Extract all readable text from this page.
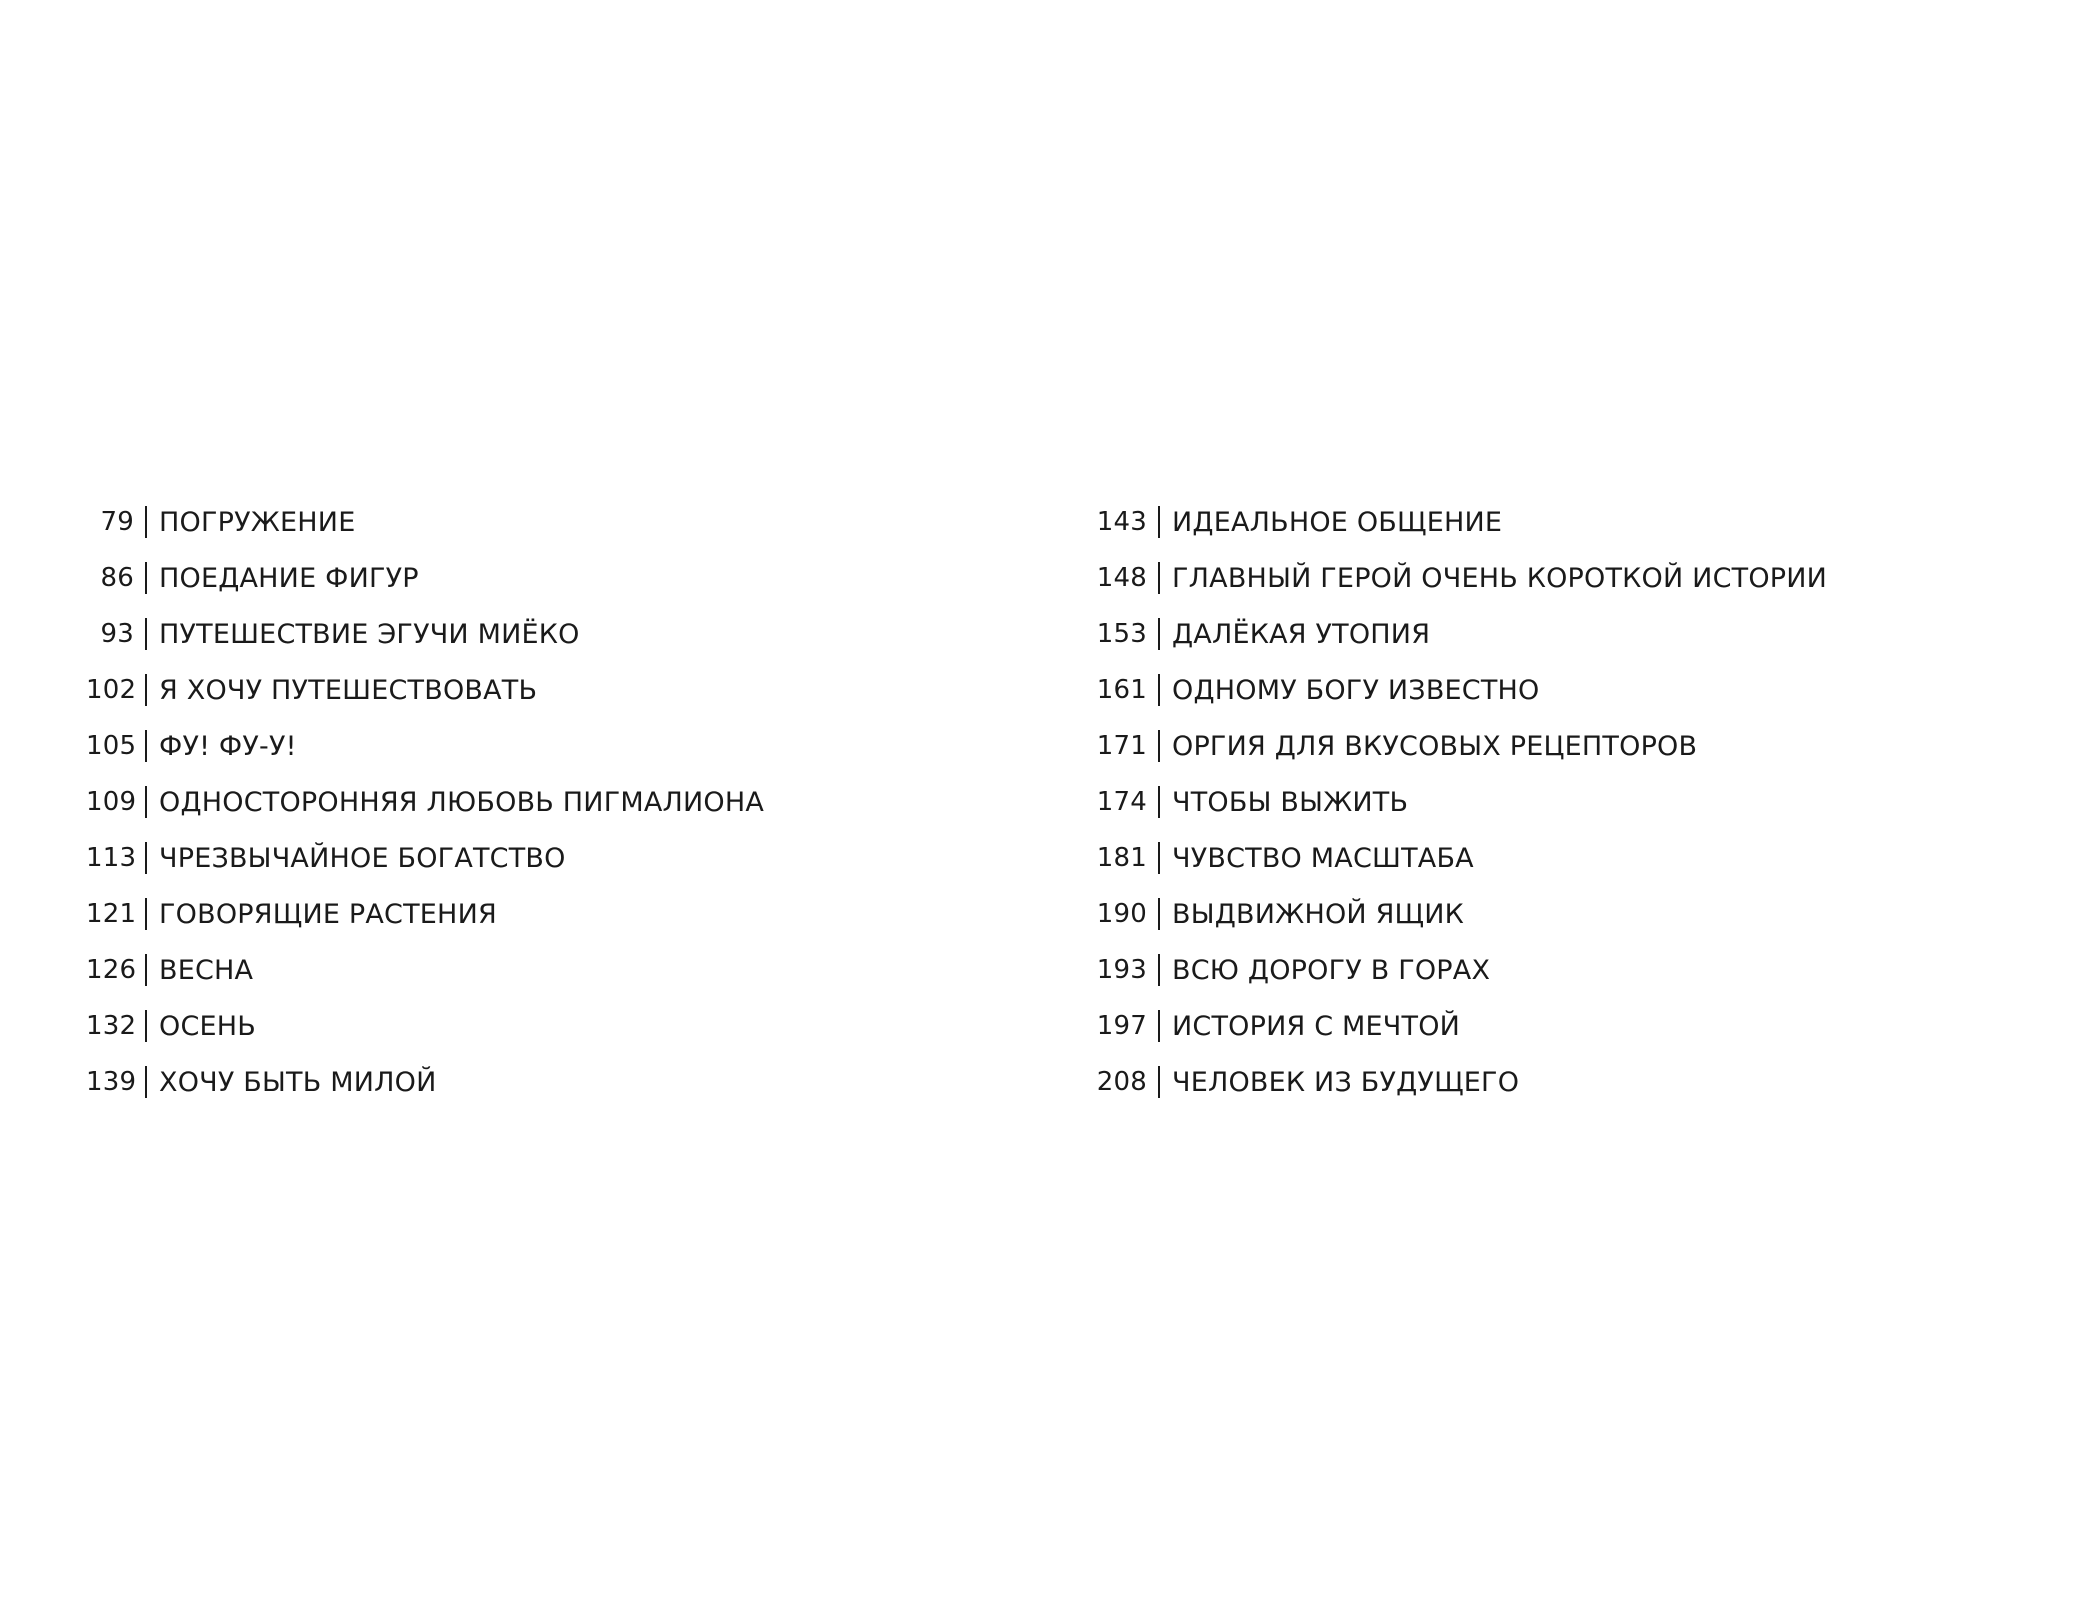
79 ПОГРУЖЕНИЕ
86 ПОЕДАНИЕ ФИГУР
93 ПУТЕШЕСТВИЕ ЭГУЧИ МИЁКО
102 Я ХОЧУ ПУТЕШЕСТВОВАТЬ
105 ФУ! ФУ-У!
109 ОДНОСТОРОННЯЯ ЛЮБОВЬ ПИГМАЛИОНА
113 ЧРЕЗВЫЧАЙНОЕ БОГАТСТВО
121 ГОВОРЯЩИЕ РАСТЕНИЯ
126 ВЕСНА
132 ОСЕНЬ
139 ХОЧУ БЫТЬ МИЛОЙ
143 ИДЕАЛЬНОЕ ОБЩЕНИЕ
148 ГЛАВНЫЙ ГЕРОЙ ОЧЕНЬ КОРОТКОЙ ИСТОРИИ
153 ДАЛЁКАЯ УТОПИЯ
161 ОДНОМУ БОГУ ИЗВЕСТНО
171 ОРГИЯ ДЛЯ ВКУСОВЫХ РЕЦЕПТОРОВ
174 ЧТОБЫ ВЫЖИТЬ
181 ЧУВСТВО МАСШТАБА
190 ВЫДВИЖНОЙ ЯЩИК
193 ВСЮ ДОРОГУ В ГОРАХ
197 ИСТОРИЯ С МЕЧТОЙ
208 ЧЕЛОВЕК ИЗ БУДУЩЕГО
